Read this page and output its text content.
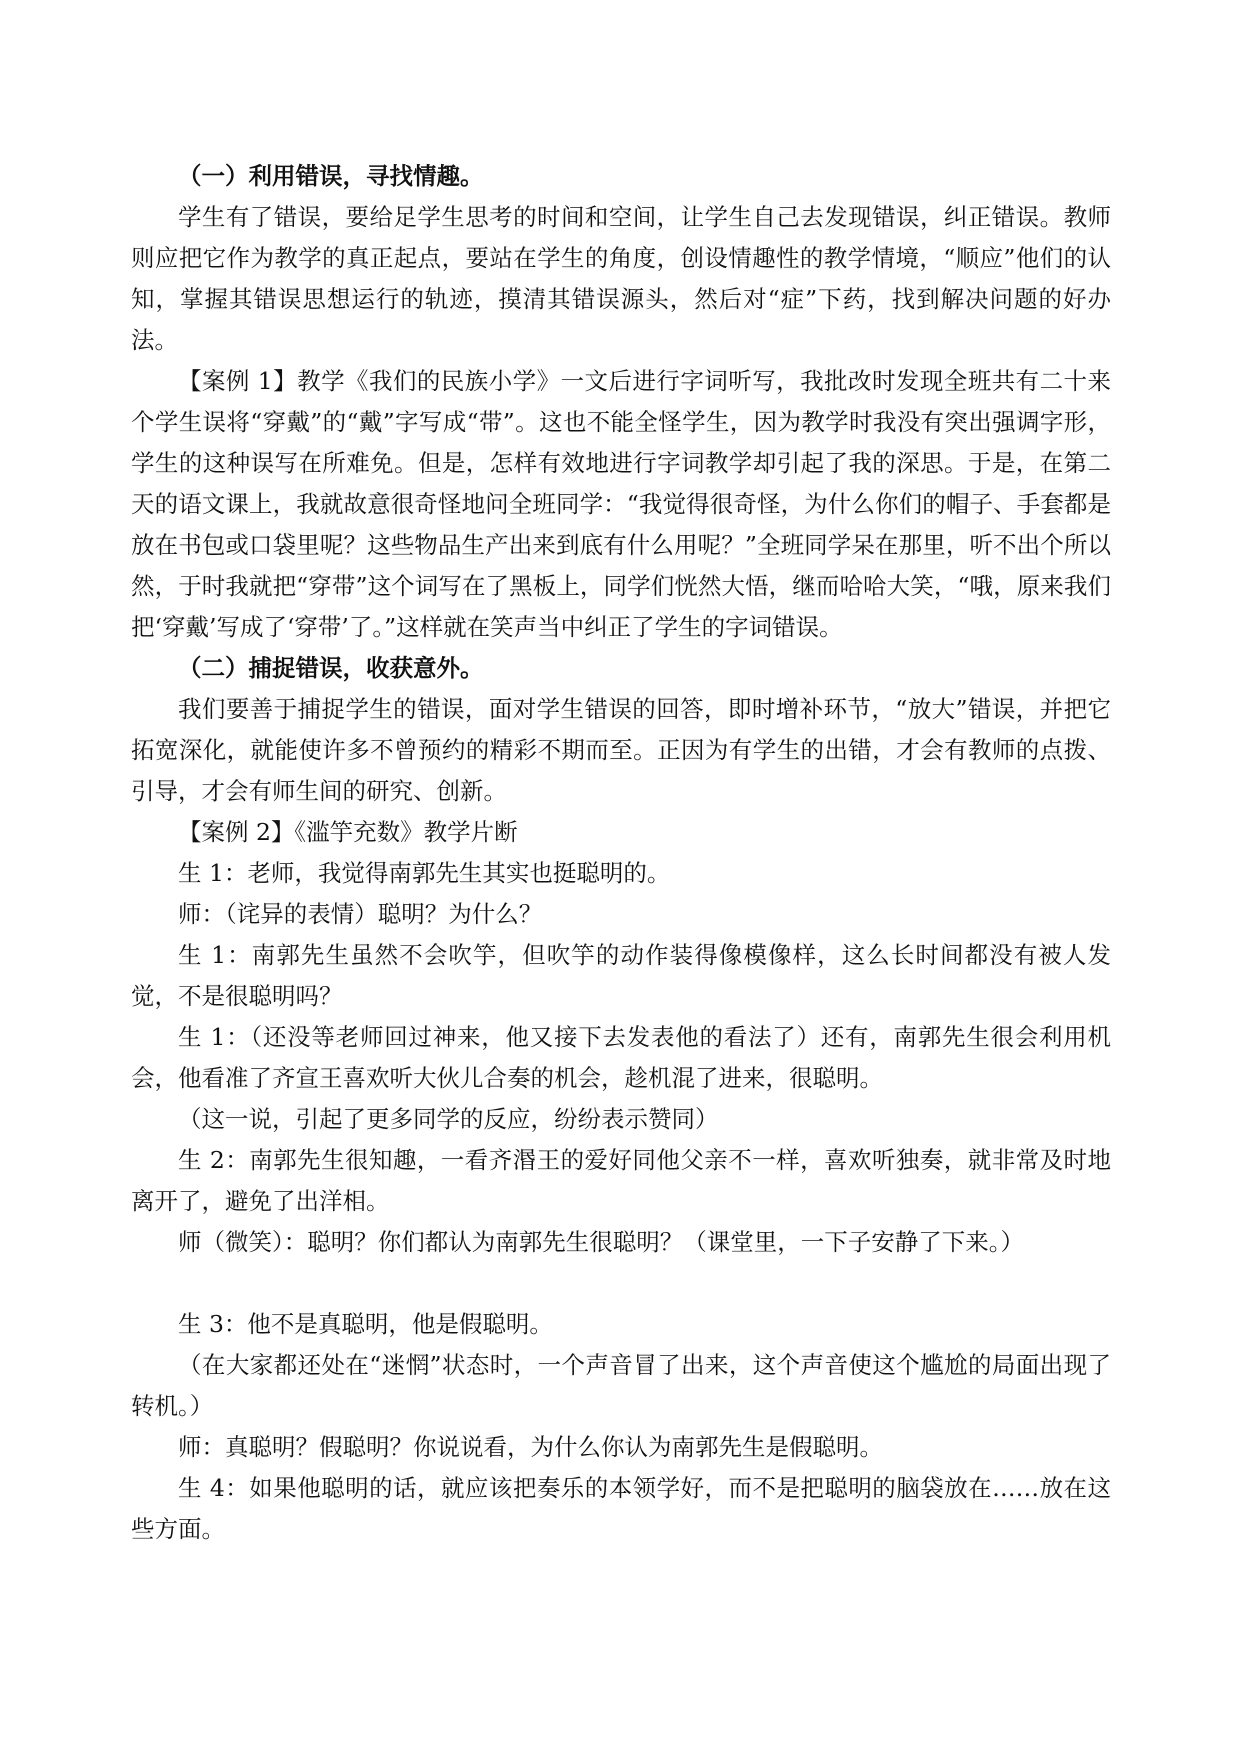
（一）利用错误，寻找情趣。

学生有了错误，要给足学生思考的时间和空间，让学生自己去发现错误，纠正错误。教师则应把它作为教学的真正起点，要站在学生的角度，创设情趣性的教学情境，“顺应”他们的认知，掌握其错误思想运行的轨迹，摸清其错误源头，然后对“症”下药，找到解决问题的好办法。

【案例 1】教学《我们的民族小学》一文后进行字词听写，我批改时发现全班共有二十来个学生误将“穿戴”的“戴”字写成“带”。这也不能全怪学生，因为教学时我没有突出强调字形，学生的这种误写在所难免。但是，怎样有效地进行字词教学却引起了我的深思。于是，在第二天的语文课上，我就故意很奇怪地问全班同学：“我觉得很奇怪，为什么你们的帽子、手套都是放在书包或口袋里呢？这些物品生产出来到底有什么用呢？”全班同学呆在那里，听不出个所以然，于时我就把“穿带”这个词写在了黑板上，同学们恍然大悟，继而哈哈大笑，“哦，原来我们把‘穿戴’写成了‘穿带’了。”这样就在笑声当中纠正了学生的字词错误。

（二）捕捉错误，收获意外。

我们要善于捕捉学生的错误，面对学生错误的回答，即时增补环节，“放大”错误，并把它拓宽深化，就能使许多不曾预约的精彩不期而至。正因为有学生的出错，才会有教师的点拨、引导，才会有师生间的研究、创新。

【案例 2】《滥竽充数》教学片断

生 1：老师，我觉得南郭先生其实也挺聪明的。

师：（诧异的表情）聪明？为什么？

生 1：南郭先生虽然不会吹竽，但吹竽的动作装得像模像样，这么长时间都没有被人发觉，不是很聪明吗？

生 1：（还没等老师回过神来，他又接下去发表他的看法了）还有，南郭先生很会利用机会，他看准了齐宣王喜欢听大伙儿合奏的机会，趁机混了进来，很聪明。

（这一说，引起了更多同学的反应，纷纷表示赞同）

生 2：南郭先生很知趣，一看齐湣王的爱好同他父亲不一样，喜欢听独奏，就非常及时地离开了，避免了出洋相。

师（微笑）：聪明？你们都认为南郭先生很聪明？（课堂里，一下子安静了下来。）

生 3：他不是真聪明，他是假聪明。

（在大家都还处在“迷惘”状态时，一个声音冒了出来，这个声音使这个尴尬的局面出现了转机。）

师：真聪明？假聪明？你说说看，为什么你认为南郭先生是假聪明。

生 4：如果他聪明的话，就应该把奏乐的本领学好，而不是把聪明的脑袋放在……放在这些方面。
